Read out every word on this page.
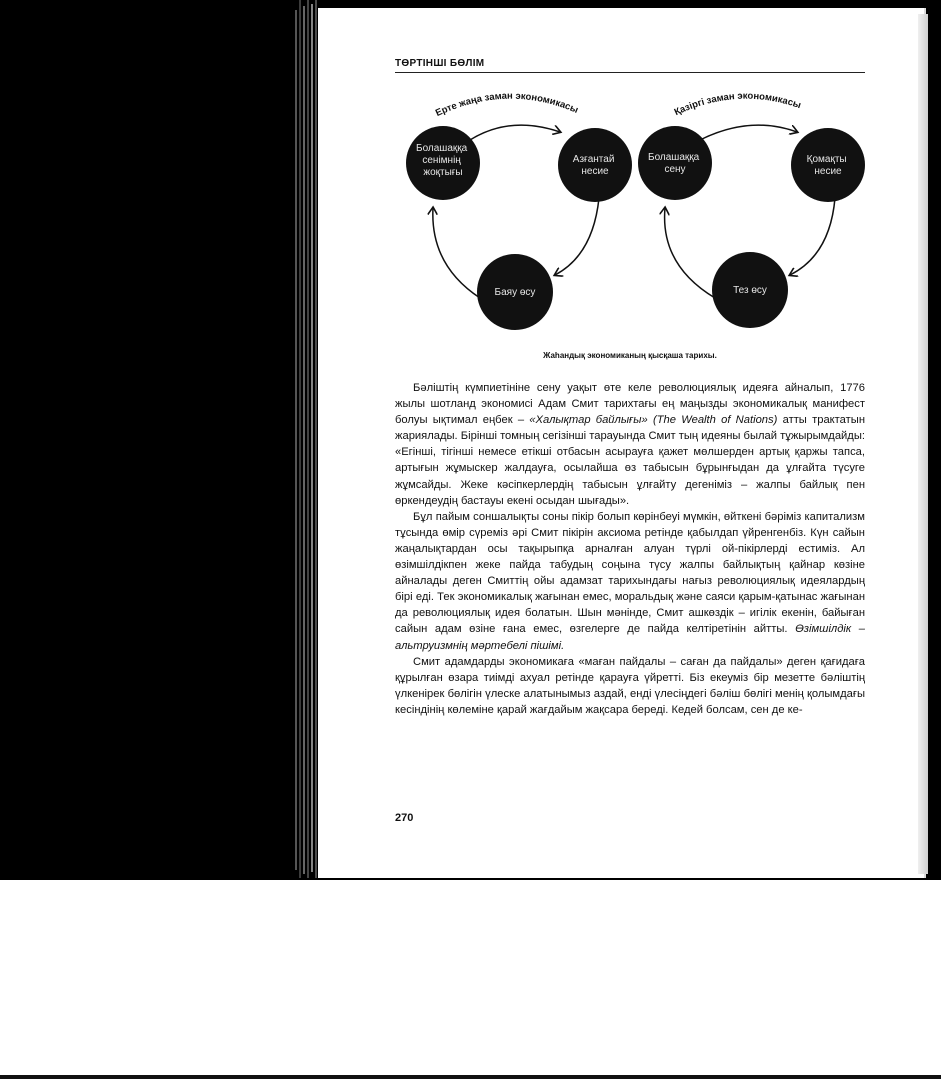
ТӨРТІНШІ БӨЛІМ
Ерте жаңа заман экономикасы
Болашаққа сенімнің жоқтығы
Азғантай несие
Баяу өсу
Қазіргі заман экономикасы
Болашаққа сену
Қомақты несие
Тез өсу
Жаһандық экономиканың қысқаша тарихы.

Бәліштің күмпиетініне сену уақыт өте келе революциялық идеяға айналып, 1776 жылы шотланд экономисі Адам Смит тарихтағы ең маңызды экономикалық манифест болуы ықтимал еңбек – «Халықтар байлығы» (The Wealth of Nations) атты трактатын жариялады. Бірінші томның сегізінші тарауында Смит тың идеяны былай тұжырымдайды: «Егінші, тігінші немесе етікші отбасын асырауға қажет мөлшерден артық қаржы тапса, артығын жұмыскер жалдауға, осылайша өз табысын бұрынғыдан да ұлғайта түсуге жұмсайды. Жеке кәсіпкерлердің табысын ұлғайту дегеніміз – жалпы байлық пен өркендеудің бастауы екені осыдан шығады».

Бұл пайым соншалықты соны пікір болып көрінбеуі мүмкін, өйткені бәріміз капитализм тұсында өмір сүреміз әрі Смит пікірін аксиома ретінде қабылдап үйренгенбіз. Күн сайын жаңалықтардан осы тақырыпқа арналған алуан түрлі ой-пікірлерді естиміз. Ал өзімшілдікпен жеке пайда табудың соңына түсу жалпы байлықтың қайнар көзіне айналады деген Смиттің ойы адамзат тарихындағы нағыз революциялық идеялардың бірі еді. Тек экономикалық жағынан емес, моральдық және саяси қарым-қатынас жағынан да революциялық идея болатын. Шын мәнінде, Смит ашкөздік – игілік екенін, байыған сайын адам өзіне ғана емес, өзгелерге де пайда келтіретінін айтты. Өзімшілдік – альтруизмнің мәртебелі пішімі.

Смит адамдарды экономикаға «маған пайдалы – саған да пайдалы» деген қағидаға құрылған өзара тиімді ахуал ретінде қарауға үйретті. Біз екеуміз бір мезетте бәліштің үлкенірек бөлігін үлеске алатынымыз аздай, енді үлесіңдегі бәліш бөлігі менің қолымдағы кесіндінің көлеміне қарай жағдайым жақсара береді. Кедей болсам, сен де ке-

270
